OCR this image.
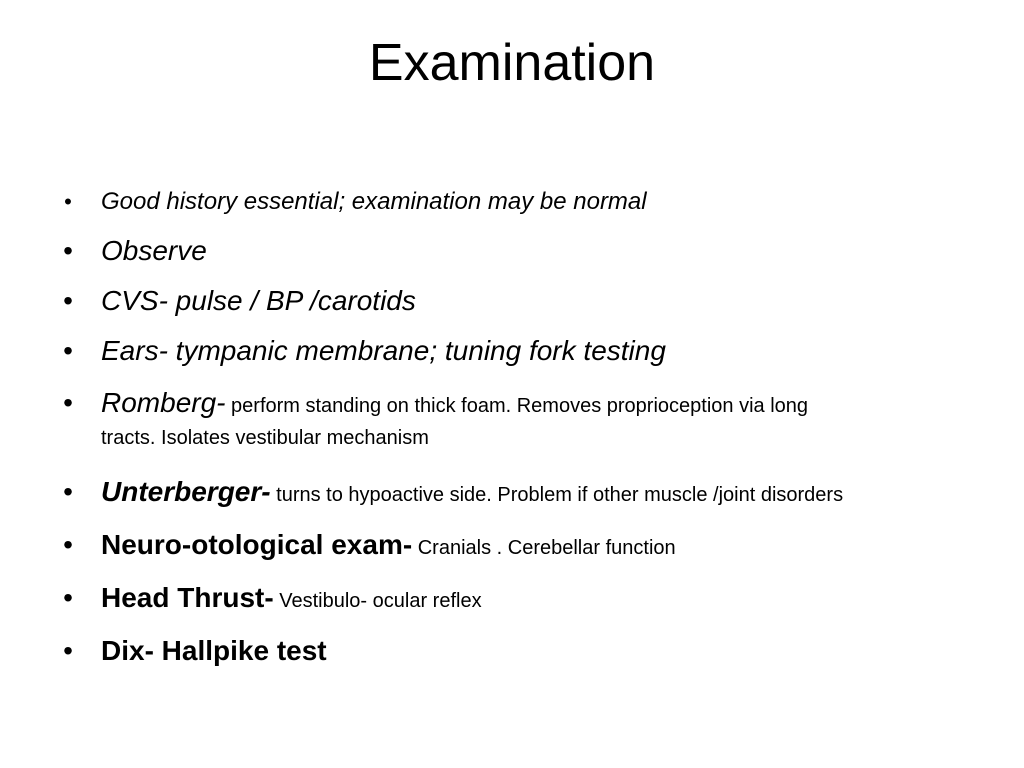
Examination
• Good history essential; examination may be normal
• Observe
• CVS- pulse / BP /carotids
• Ears- tympanic membrane; tuning fork testing
• Romberg- perform standing on thick foam. Removes proprioception via long
tracts. Isolates vestibular mechanism
• Unterberger- turns to hypoactive side. Problem if other muscle /joint disorders
• Neuro-otological exam- Cranials . Cerebellar function
• Head Thrust- Vestibulo- ocular reflex
• Dix- Hallpike test
